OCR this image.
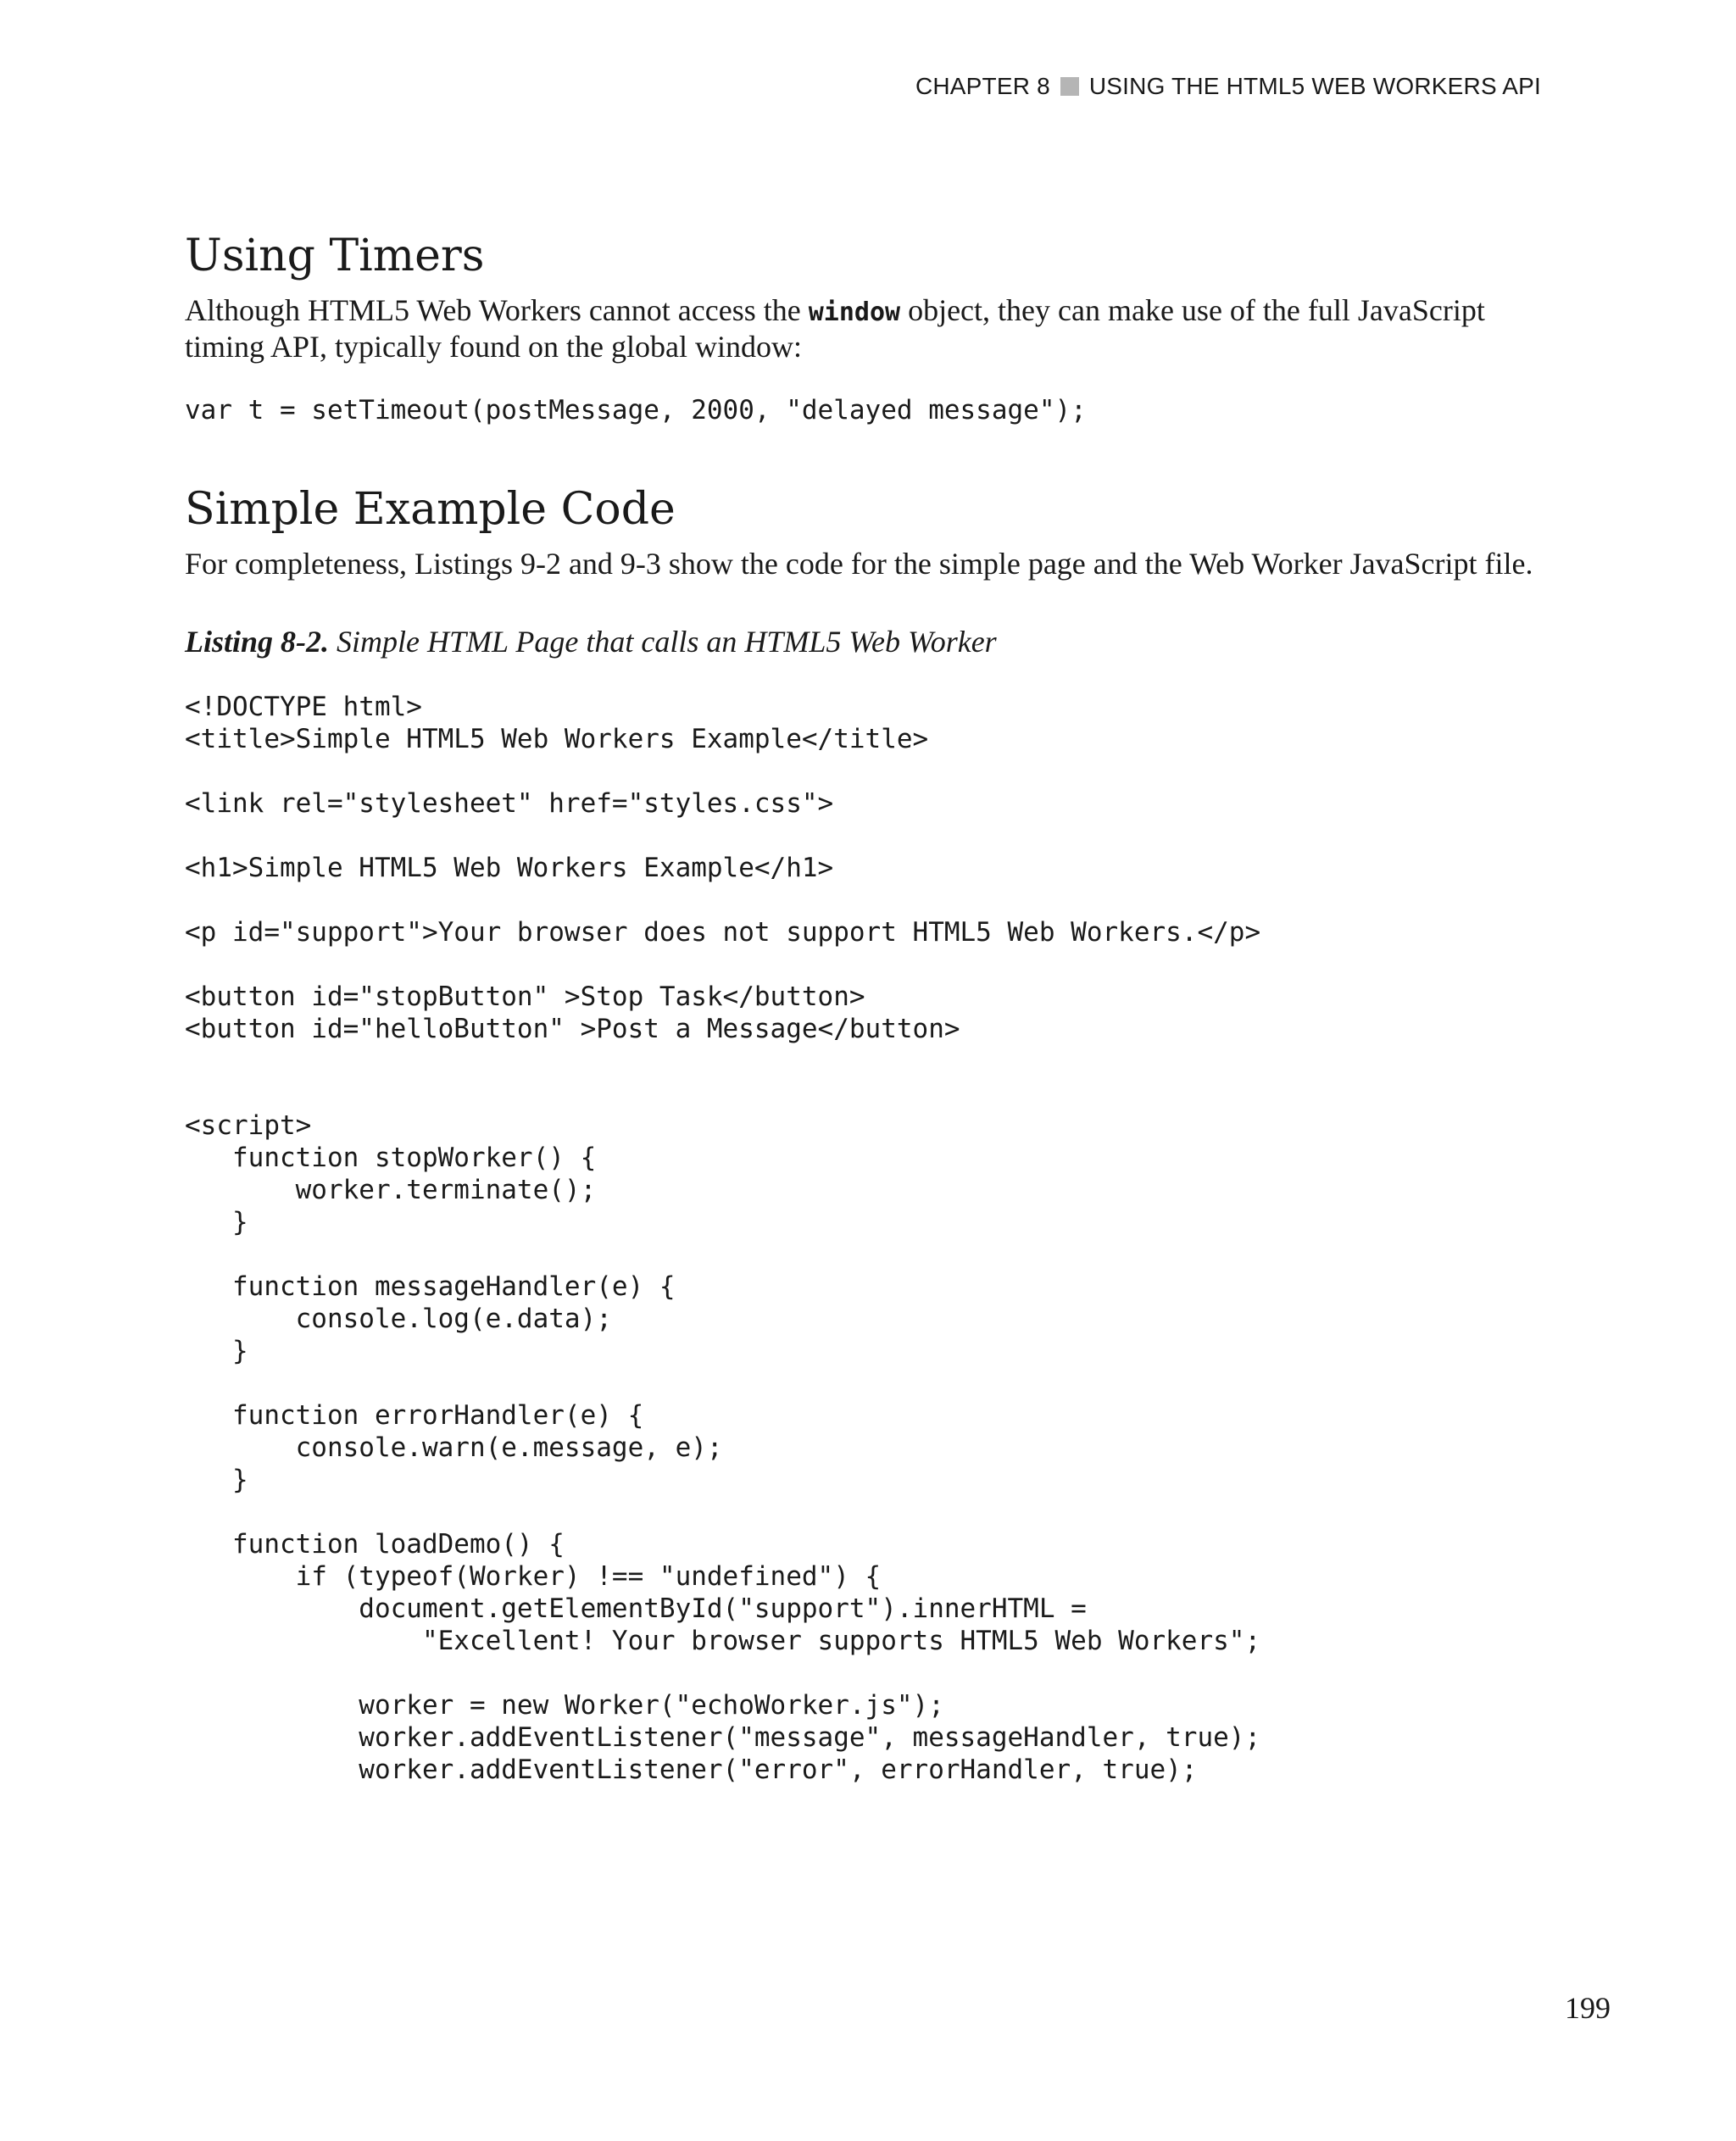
CHAPTER 8 USING THE HTML5 WEB WORKERS API
Using Timers

Although HTML5 Web Workers cannot access the window object, they can make use of the full JavaScript timing API, typically found on the global window:

var t = setTimeout(postMessage, 2000, "delayed message");
Simple Example Code

For completeness, Listings 9-2 and 9-3 show the code for the simple page and the Web Worker JavaScript file.

Listing 8-2. Simple HTML Page that calls an HTML5 Web Worker

<!DOCTYPE html>
<title>Simple HTML5 Web Workers Example</title>

<link rel="stylesheet" href="styles.css">

<h1>Simple HTML5 Web Workers Example</h1>

<p id="support">Your browser does not support HTML5 Web Workers.</p>

<button id="stopButton" >Stop Task</button>
<button id="helloButton" >Post a Message</button>

<script>
function stopWorker() {
worker.terminate();
}

function messageHandler(e) {
console.log(e.data);
}

function errorHandler(e) {
console.warn(e.message, e);
}

function loadDemo() {
if (typeof(Worker) !== "undefined") {
document.getElementById("support").innerHTML =
"Excellent! Your browser supports HTML5 Web Workers";

worker = new Worker("echoWorker.js");
worker.addEventListener("message", messageHandler, true);
worker.addEventListener("error", errorHandler, true);
199
